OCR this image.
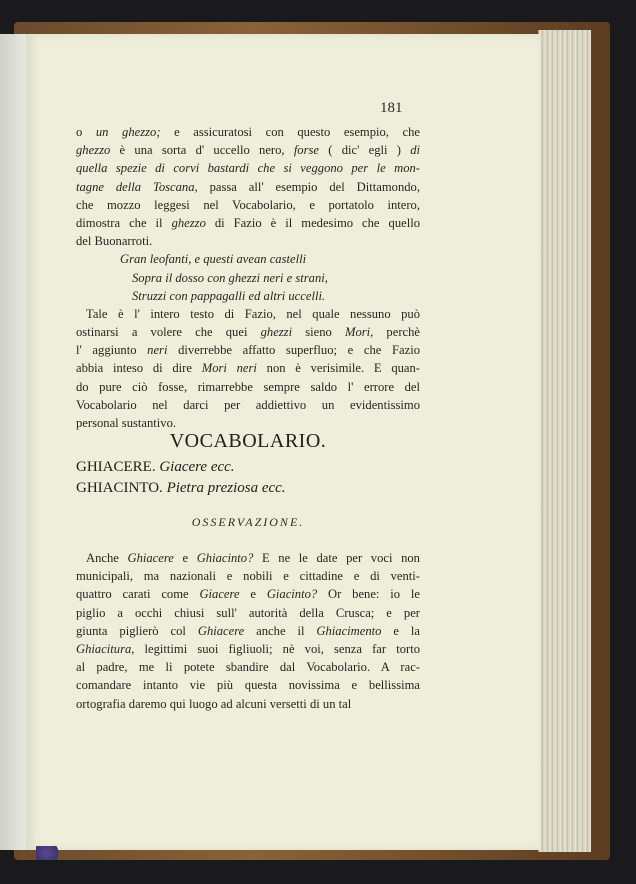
181
o un ghezzo; e assicuratosi con questo esempio, che
ghezzo è una sorta d' uccello nero, forse ( dic' egli ) di
quella spezie di corvi bastardi che si veggono per le mon-
tagne della Toscana, passa all' esempio del Dittamondo,
che mozzo leggesi nel Vocabolario, e portatolo intero,
dimostra che il ghezzo di Fazio è il medesimo che quello
del Buonarroti.
Gran leofanti, e questi avean castelli
Sopra il dosso con ghezzi neri e strani,
Struzzi con pappagalli ed altri uccelli.
Tale è l' intero testo di Fazio, nel quale nessuno può
ostinarsi a volere che quei ghezzi sieno Mori, perchè
l' aggiunto neri diverrebbe affatto superfluo; e che Fazio
abbia inteso di dire Mori neri non è verisimile. E quan-
do pure ciò fosse, rimarrebbe sempre saldo l' errore del
Vocabolario nel darci per addiettivo un evidentissimo
personal sustantivo.
VOCABOLARIO.
GHIACERE. Giacere ecc.
GHIACINTO. Pietra preziosa ecc.
OSSERVAZIONE.
Anche Ghiacere e Ghiacinto? E ne le date per voci non
municipali, ma nazionali e nobili e cittadine e di venti-
quattro carati come Giacere e Giacinto? Or bene: io le
piglio a occhi chiusi sull' autorità della Crusca; e per
giunta piglierò col Ghiacere anche il Ghiacimento e la
Ghiacitura, legittimi suoi figliuoli; nè voi, senza far torto
al padre, me li potete sbandire dal Vocabolario. A rac-
comandare intanto vie più questa novissima e bellissima
ortografia daremo qui luogo ad alcuni versetti di un tal
